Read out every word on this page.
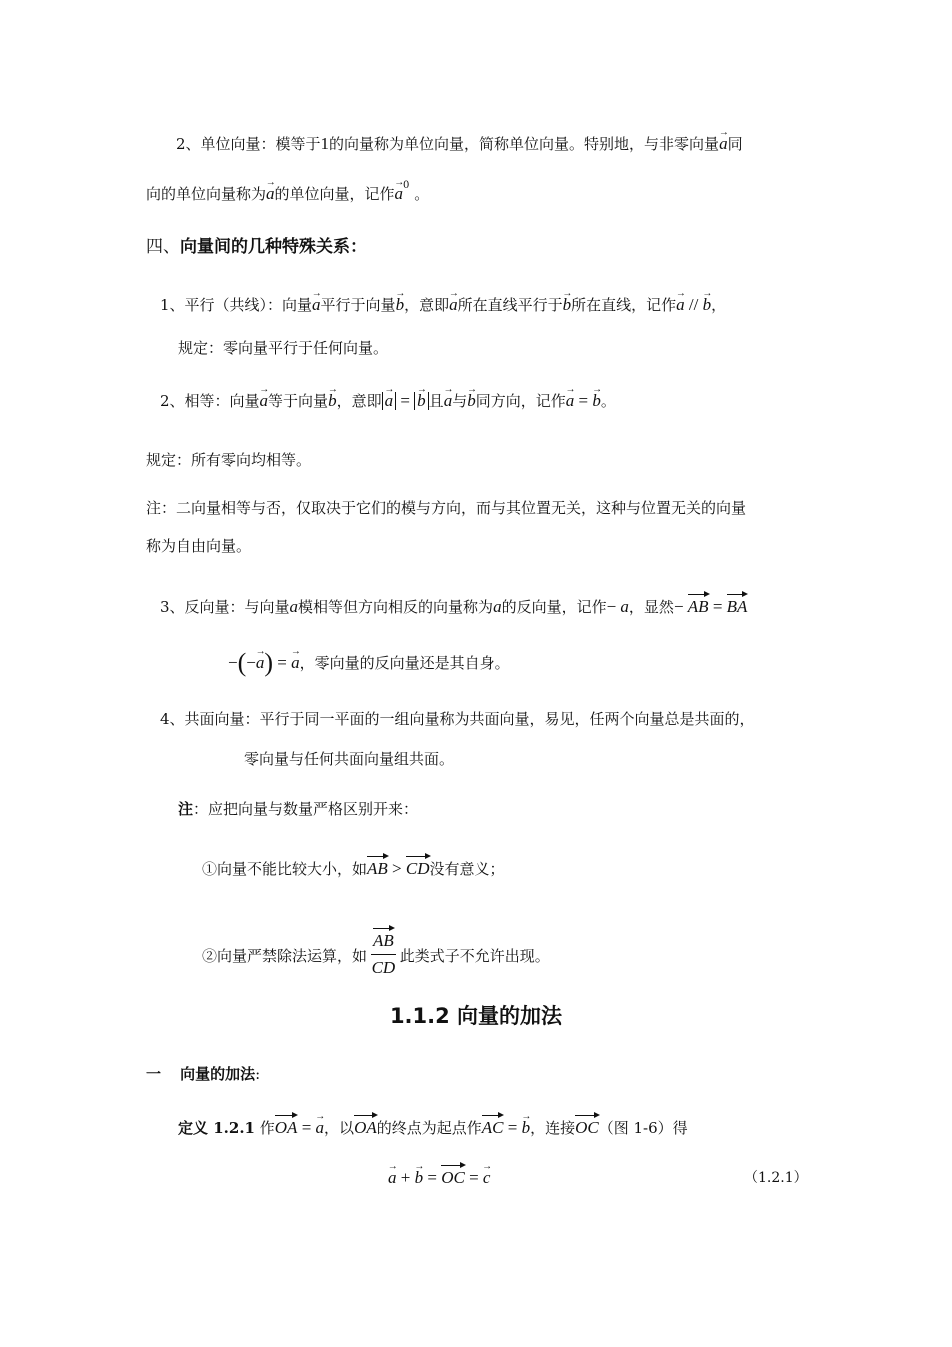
2、单位向量：模等于1的向量称为单位向量，简称单位向量。特别地，与非零向量→ a同
向的单位向量称为→ a的单位向量，记作→ $a^0$ 。
四、向量间的几种特殊关系：
1、平行（共线）：向量→ a平行于向量→ b，意即→ a所在直线平行于→ b所在直线，记作→ a // → b，
规定：零向量平行于任何向量。
2、相等：向量→ a等于向量→ b，意即→ a = → b 且→ a与→ b同方向，记作→ a = → b。
规定：所有零向均相等。
注：二向量相等与否，仅取决于它们的模与方向，而与其位置无关，这种与位置无关的向量
称为自由向量。
3、反向量：与向量a模相等但方向相反的向量称为a的反向量，记作− a，显然− AB = BA
−(−→ a) = → a，零向量的反向量还是其自身。
4、共面向量：平行于同一平面的一组向量称为共面向量，易见，任两个向量总是共面的，
零向量与任何共面向量组共面。
注：应把向量与数量严格区别开来：
①向量不能比较大小，如AB > CD没有意义；
②向量严禁除法运算，如 $\frac{AB}{CD}$ 此类式子不允许出现。
1.1.2 向量的加法
一 向量的加法:
定义 1.2.1 作OA = → a，以OA的终点为起点作AC = → b，连接OC（图 1-6）得
→ a + → b = OC = → c	（1.2.1）
